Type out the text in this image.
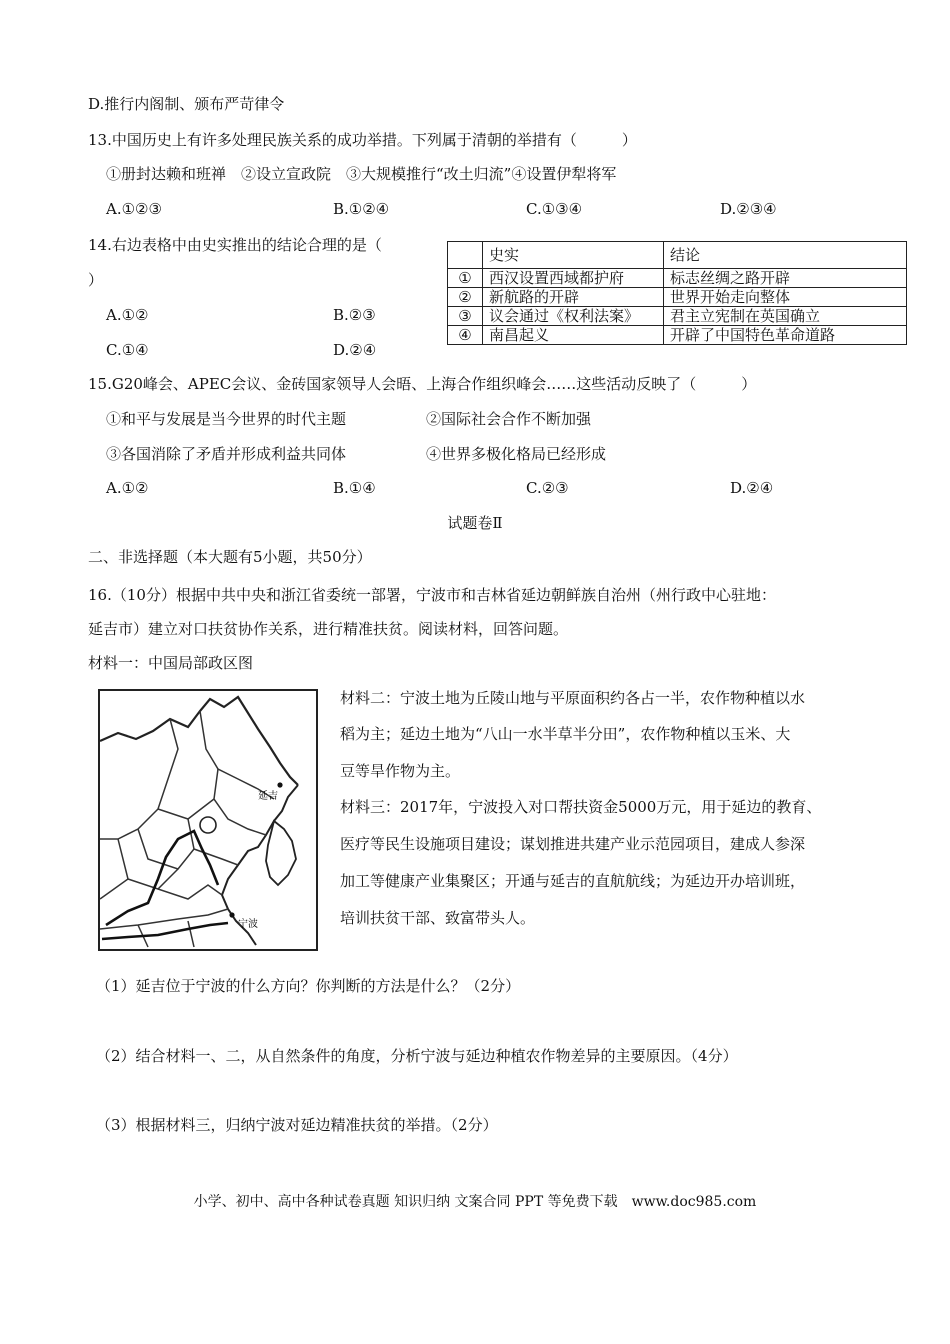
D.推行内阁制、颁布严苛律令
13.中国历史上有许多处理民族关系的成功举措。下列属于清朝的举措有（　　　）
①册封达赖和班禅　②设立宣政院　③大规模推行“改土归流”④设置伊犁将军
A.①②③	B.①②④	C.①③④	D.②③④
14.右边表格中由史实推出的结论合理的是（
）
A.①②	B.②③
C.①④	D.②④
	史实	结论
①	西汉设置西域都护府	标志丝绸之路开辟
②	新航路的开辟	世界开始走向整体
③	议会通过《权利法案》	君主立宪制在英国确立
④	南昌起义	开辟了中国特色革命道路
15.G20峰会、APEC会议、金砖国家领导人会晤、上海合作组织峰会……这些活动反映了（　　　）
①和平与发展是当今世界的时代主题	②国际社会合作不断加强
③各国消除了矛盾并形成利益共同体	④世界多极化格局已经形成
A.①②	B.①④	C.②③	D.②④
试题卷Ⅱ
二、非选择题（本大题有5小题，共50分）
16.（10分）根据中共中央和浙江省委统一部署，宁波市和吉林省延边朝鲜族自治州（州行政中心驻地：
延吉市）建立对口扶贫协作关系，进行精准扶贫。阅读材料，回答问题。
材料一：中国局部政区图
延吉
宁波
材料二：宁波土地为丘陵山地与平原面积约各占一半，农作物种植以水
稻为主；延边土地为“八山一水半草半分田”，农作物种植以玉米、大
豆等旱作物为主。
材料三：2017年，宁波投入对口帮扶资金5000万元，用于延边的教育、
医疗等民生设施项目建设；谋划推进共建产业示范园项目，建成人参深
加工等健康产业集聚区；开通与延吉的直航航线；为延边开办培训班，
培训扶贫干部、致富带头人。
（1）延吉位于宁波的什么方向？你判断的方法是什么？（2分）
（2）结合材料一、二，从自然条件的角度，分析宁波与延边种植农作物差异的主要原因。（4分）
（3）根据材料三，归纳宁波对延边精准扶贫的举措。（2分）
小学、初中、高中各种试卷真题 知识归纳 文案合同 PPT 等免费下载　www.doc985.com
